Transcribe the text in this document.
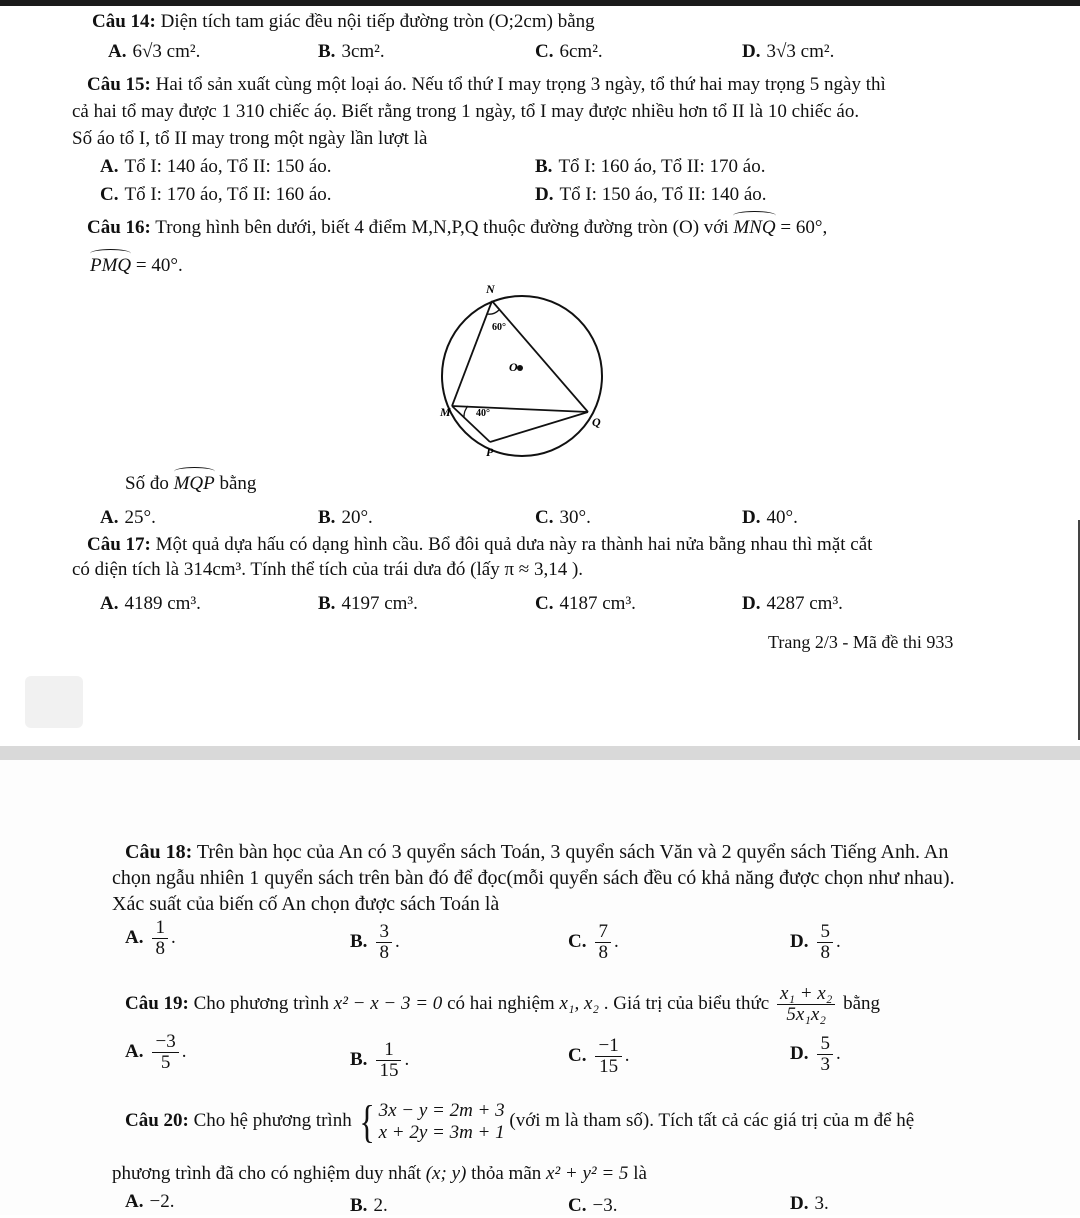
Câu 14: Diện tích tam giác đều nội tiếp đường tròn (O;2cm) bằng
A. 6√3 cm².	B. 3cm².	C. 6cm².	D. 3√3 cm².
Câu 15: Hai tổ sản xuất cùng một loại áo. Nếu tổ thứ I may trọng 3 ngày, tổ thứ hai may trọng 5 ngày thì
cả hai tổ may được 1 310 chiếc áọ. Biết rằng trong 1 ngày, tổ I may được nhiều hơn tổ II là 10 chiếc áo.
Số áo tổ I, tổ II may trong một ngày lần lượt là
A. Tổ I: 140 áo, Tổ II: 150 áo.	B. Tổ I: 160 áo, Tổ II: 170 áo.
C. Tổ I: 170 áo, Tổ II: 160 áo.	D. Tổ I: 150 áo, Tổ II: 140 áo.
Câu 16: Trong hình bên dưới, biết 4 điểm M,N,P,Q thuộc đường đường tròn (O) với MNQ = 60°,
PMQ = 40°.
N
O
M
Q
P
60°
40°
Số đo MQP bằng
A. 25°.	B. 20°.	C. 30°.	D. 40°.
Câu 17: Một quả dựa hấu có dạng hình cầu. Bổ đôi quả dưa này ra thành hai nửa bằng nhau thì mặt cắt
có diện tích là 314cm³. Tính thể tích của trái dưa đó (lấy π ≈ 3,14 ).
A. 4189 cm³.	B. 4197 cm³.	C. 4187 cm³.	D. 4287 cm³.
Trang 2/3 - Mã đề thi 933
Câu 18: Trên bàn học của An có 3 quyển sách Toán, 3 quyển sách Văn và 2 quyển sách Tiếng Anh. An
chọn ngẫu nhiên 1 quyển sách trên bàn đó để đọc(mỗi quyển sách đều có khả năng được chọn như nhau).
Xác suất của biến cố An chọn được sách Toán là
A. $\frac{1}{8}$ .	B. $\frac{3}{8}$ .	C. $\frac{7}{8}$ .	D. $\frac{5}{8}$ .
Câu 19: Cho phương trình x² − x − 3 = 0 có hai nghiệm x₁, x₂ . Giá trị của biểu thức $\frac{\text{x₁ + x₂}}{\text{5x₁x₂}}$ bằng
A. $\frac{-3}{5}$ .	B. $\frac{1}{15}$ .	C. $\frac{-1}{15}$ .	D. $\frac{5}{3}$ .
Câu 20: Cho hệ phương trình { 3x − y = 2m + 3
x + 2y = 3m + 1
(với m là tham số). Tích tất cả các giá trị của m để hệ
phương trình đã cho có nghiệm duy nhất (x; y) thỏa mãn x² + y² = 5 là
A. −2.	B. 2.	C. −3.	D. 3.
